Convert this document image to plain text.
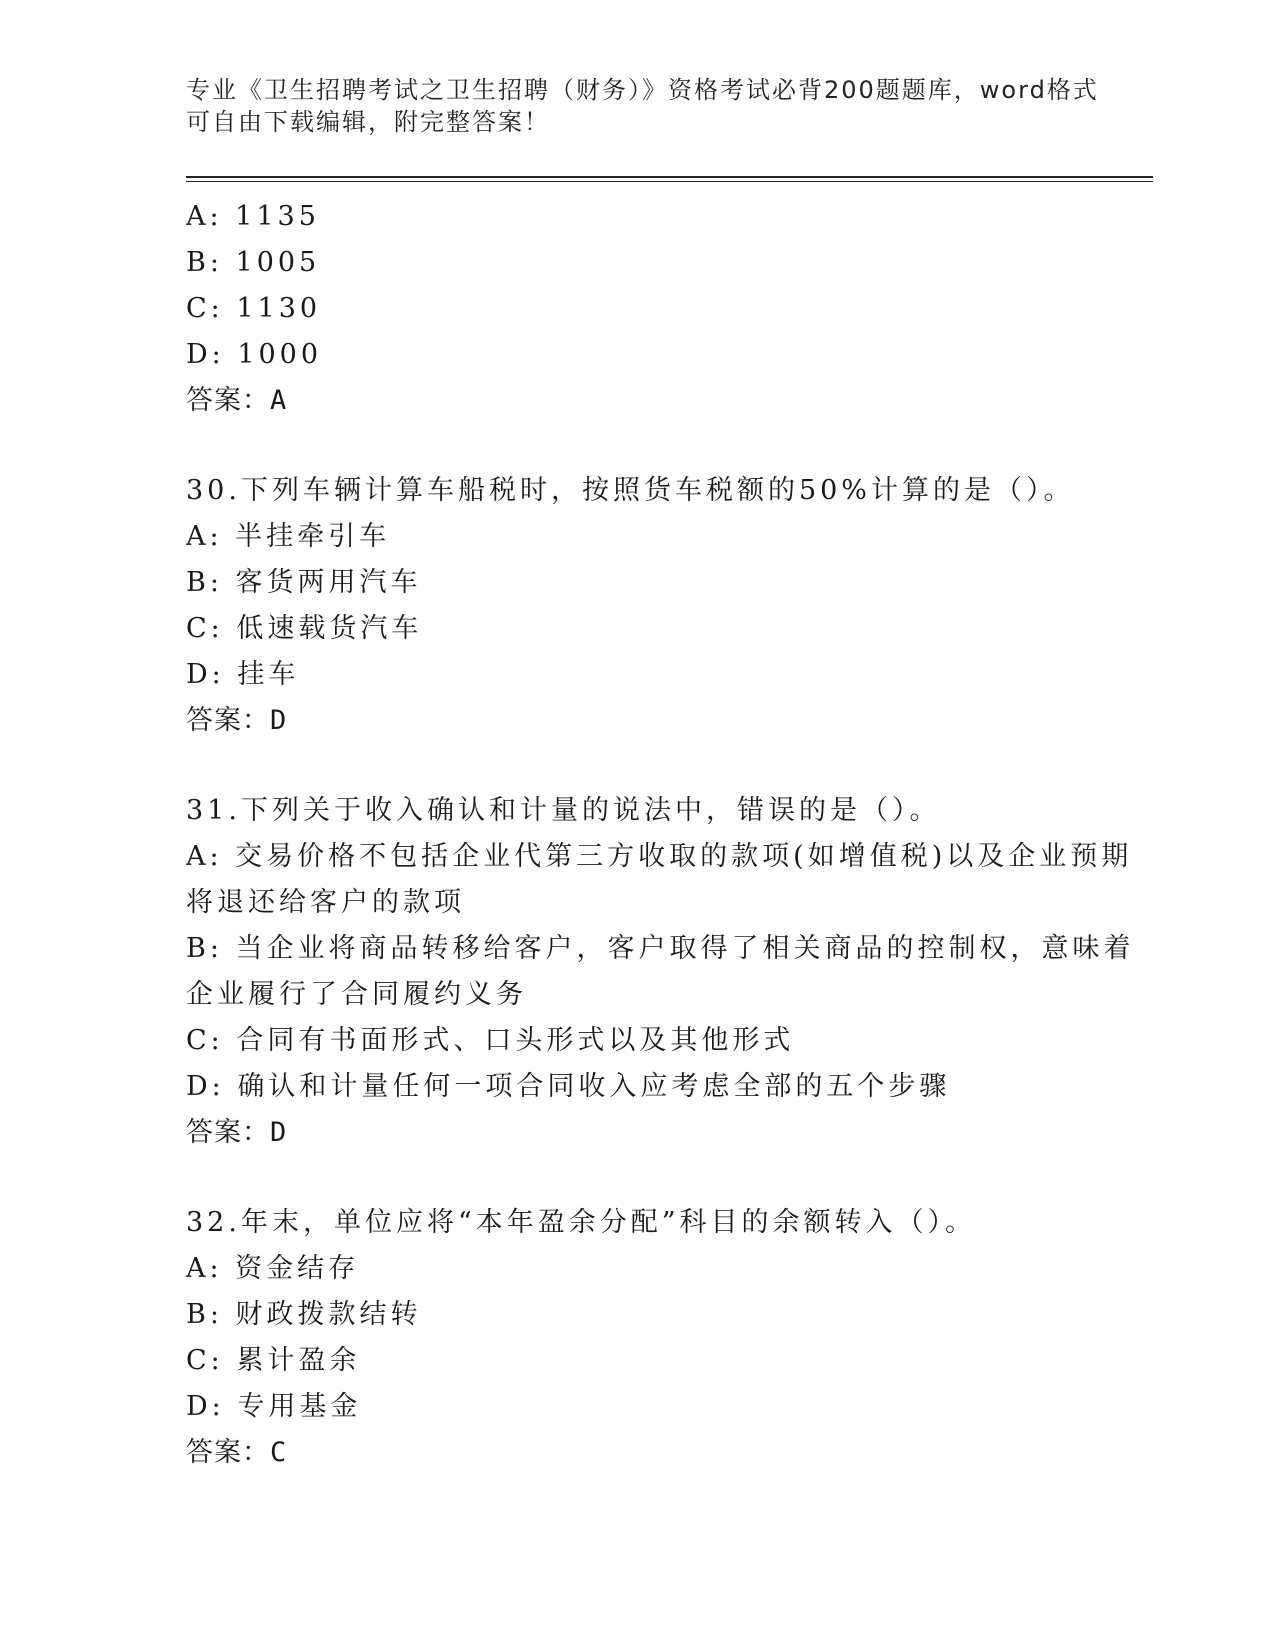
专业《卫生招聘考试之卫生招聘（财务）》资格考试必背200题题库，word格式
可自由下载编辑，附完整答案！
A: 1135
B: 1005
C: 1130
D: 1000
答案：A
30.下列车辆计算车船税时，按照货车税额的50%计算的是（）。
A: 半挂牵引车
B: 客货两用汽车
C: 低速载货汽车
D: 挂车
答案：D
31.下列关于收入确认和计量的说法中，错误的是（）。
A: 交易价格不包括企业代第三方收取的款项(如增值税)以及企业预期
将退还给客户的款项
B: 当企业将商品转移给客户，客户取得了相关商品的控制权，意味着
企业履行了合同履约义务
C: 合同有书面形式、口头形式以及其他形式
D: 确认和计量任何一项合同收入应考虑全部的五个步骤
答案：D
32.年末，单位应将“本年盈余分配”科目的余额转入（）。
A: 资金结存
B: 财政拨款结转
C: 累计盈余
D: 专用基金
答案：C
